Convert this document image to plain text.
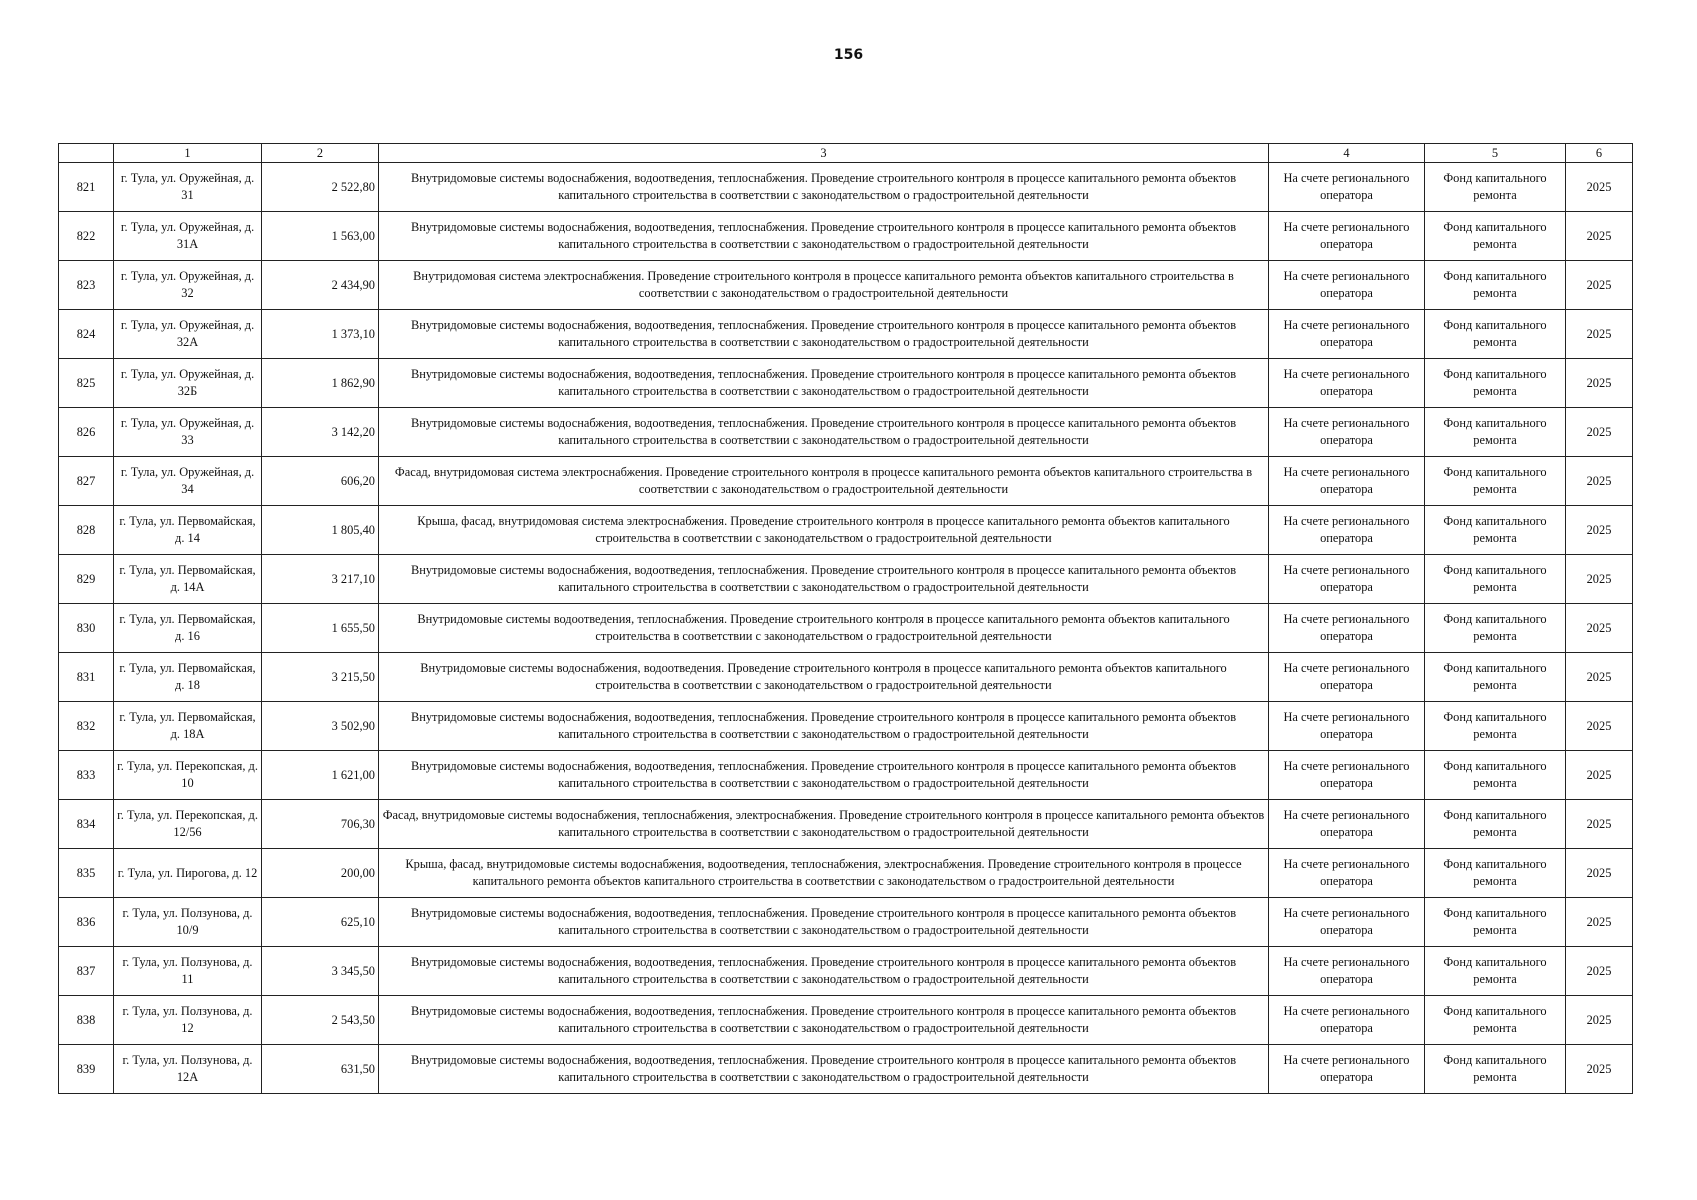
156
	1	2	3	4	5	6
821	г. Тула, ул. Оружейная, д. 31	2 522,80	Внутридомовые системы водоснабжения, водоотведения, теплоснабжения. Проведение строительного контроля в процессе капитального ремонта объектов капитального строительства в соответствии с законодательством о градостроительной деятельности	На счете регионального оператора	Фонд капитального ремонта	2025
822	г. Тула, ул. Оружейная, д. 31А	1 563,00	Внутридомовые системы водоснабжения, водоотведения, теплоснабжения. Проведение строительного контроля в процессе капитального ремонта объектов капитального строительства в соответствии с законодательством о градостроительной деятельности	На счете регионального оператора	Фонд капитального ремонта	2025
823	г. Тула, ул. Оружейная, д. 32	2 434,90	Внутридомовая система электроснабжения. Проведение строительного контроля в процессе капитального ремонта объектов капитального строительства в соответствии с законодательством о градостроительной деятельности	На счете регионального оператора	Фонд капитального ремонта	2025
824	г. Тула, ул. Оружейная, д. 32А	1 373,10	Внутридомовые системы водоснабжения, водоотведения, теплоснабжения. Проведение строительного контроля в процессе капитального ремонта объектов капитального строительства в соответствии с законодательством о градостроительной деятельности	На счете регионального оператора	Фонд капитального ремонта	2025
825	г. Тула, ул. Оружейная, д. 32Б	1 862,90	Внутридомовые системы водоснабжения, водоотведения, теплоснабжения. Проведение строительного контроля в процессе капитального ремонта объектов капитального строительства в соответствии с законодательством о градостроительной деятельности	На счете регионального оператора	Фонд капитального ремонта	2025
826	г. Тула, ул. Оружейная, д. 33	3 142,20	Внутридомовые системы водоснабжения, водоотведения, теплоснабжения. Проведение строительного контроля в процессе капитального ремонта объектов капитального строительства в соответствии с законодательством о градостроительной деятельности	На счете регионального оператора	Фонд капитального ремонта	2025
827	г. Тула, ул. Оружейная, д. 34	606,20	Фасад, внутридомовая система электроснабжения. Проведение строительного контроля в процессе капитального ремонта объектов капитального строительства в соответствии с законодательством о градостроительной деятельности	На счете регионального оператора	Фонд капитального ремонта	2025
828	г. Тула, ул. Первомайская, д. 14	1 805,40	Крыша, фасад, внутридомовая система электроснабжения. Проведение строительного контроля в процессе капитального ремонта объектов капитального строительства в соответствии с законодательством о градостроительной деятельности	На счете регионального оператора	Фонд капитального ремонта	2025
829	г. Тула, ул. Первомайская, д. 14А	3 217,10	Внутридомовые системы водоснабжения, водоотведения, теплоснабжения. Проведение строительного контроля в процессе капитального ремонта объектов капитального строительства в соответствии с законодательством о градостроительной деятельности	На счете регионального оператора	Фонд капитального ремонта	2025
830	г. Тула, ул. Первомайская, д. 16	1 655,50	Внутридомовые системы водоотведения, теплоснабжения. Проведение строительного контроля в процессе капитального ремонта объектов капитального строительства в соответствии с законодательством о градостроительной деятельности	На счете регионального оператора	Фонд капитального ремонта	2025
831	г. Тула, ул. Первомайская, д. 18	3 215,50	Внутридомовые системы водоснабжения, водоотведения. Проведение строительного контроля в процессе капитального ремонта объектов капитального строительства в соответствии с законодательством о градостроительной деятельности	На счете регионального оператора	Фонд капитального ремонта	2025
832	г. Тула, ул. Первомайская, д. 18А	3 502,90	Внутридомовые системы водоснабжения, водоотведения, теплоснабжения. Проведение строительного контроля в процессе капитального ремонта объектов капитального строительства в соответствии с законодательством о градостроительной деятельности	На счете регионального оператора	Фонд капитального ремонта	2025
833	г. Тула, ул. Перекопская, д. 10	1 621,00	Внутридомовые системы водоснабжения, водоотведения, теплоснабжения. Проведение строительного контроля в процессе капитального ремонта объектов капитального строительства в соответствии с законодательством о градостроительной деятельности	На счете регионального оператора	Фонд капитального ремонта	2025
834	г. Тула, ул. Перекопская, д. 12/56	706,30	Фасад, внутридомовые системы водоснабжения, теплоснабжения, электроснабжения. Проведение строительного контроля в процессе капитального ремонта объектов капитального строительства в соответствии с законодательством о градостроительной деятельности	На счете регионального оператора	Фонд капитального ремонта	2025
835	г. Тула, ул. Пирогова, д. 12	200,00	Крыша, фасад, внутридомовые системы водоснабжения, водоотведения, теплоснабжения, электроснабжения. Проведение строительного контроля в процессе капитального ремонта объектов капитального строительства в соответствии с законодательством о градостроительной деятельности	На счете регионального оператора	Фонд капитального ремонта	2025
836	г. Тула, ул. Ползунова, д. 10/9	625,10	Внутридомовые системы водоснабжения, водоотведения, теплоснабжения. Проведение строительного контроля в процессе капитального ремонта объектов капитального строительства в соответствии с законодательством о градостроительной деятельности	На счете регионального оператора	Фонд капитального ремонта	2025
837	г. Тула, ул. Ползунова, д. 11	3 345,50	Внутридомовые системы водоснабжения, водоотведения, теплоснабжения. Проведение строительного контроля в процессе капитального ремонта объектов капитального строительства в соответствии с законодательством о градостроительной деятельности	На счете регионального оператора	Фонд капитального ремонта	2025
838	г. Тула, ул. Ползунова, д. 12	2 543,50	Внутридомовые системы водоснабжения, водоотведения, теплоснабжения. Проведение строительного контроля в процессе капитального ремонта объектов капитального строительства в соответствии с законодательством о градостроительной деятельности	На счете регионального оператора	Фонд капитального ремонта	2025
839	г. Тула, ул. Ползунова, д. 12А	631,50	Внутридомовые системы водоснабжения, водоотведения, теплоснабжения. Проведение строительного контроля в процессе капитального ремонта объектов капитального строительства в соответствии с законодательством о градостроительной деятельности	На счете регионального оператора	Фонд капитального ремонта	2025
